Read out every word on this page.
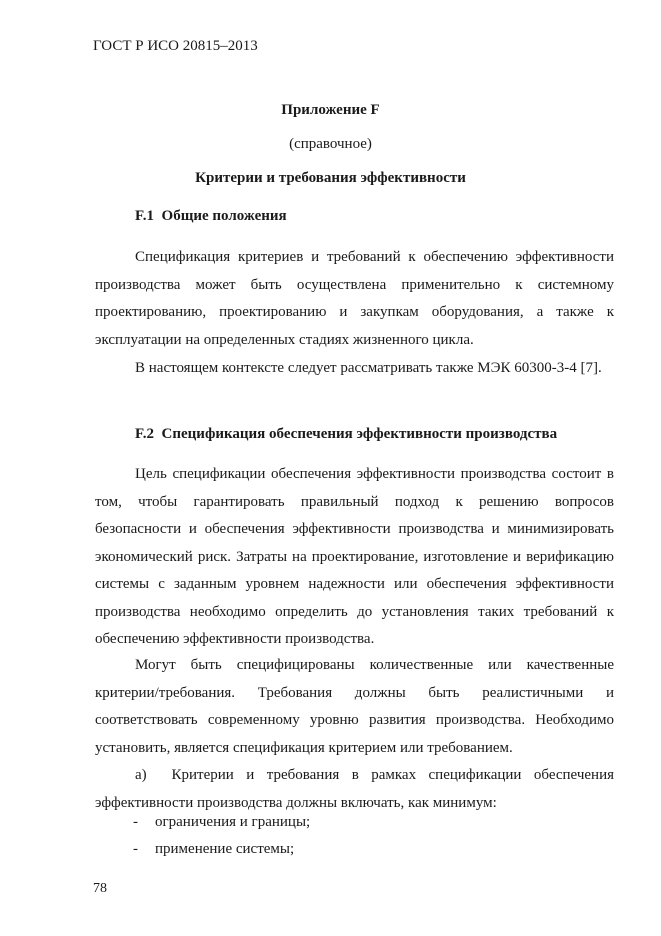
ГОСТ Р ИСО 20815–2013
Приложение F
(справочное)
Критерии и требования эффективности
F.1  Общие положения

Спецификация критериев и требований к обеспечению эффективности производства может быть осуществлена применительно к системному проектированию, проектированию и закупкам оборудования, а также к эксплуатации на определенных стадиях жизненного цикла.

В настоящем контексте следует рассматривать также МЭК 60300-3-4 [7].

F.2  Спецификация обеспечения эффективности производства

Цель спецификации обеспечения эффективности производства состоит в том, чтобы гарантировать правильный подход к решению вопросов безопасности и обеспечения эффективности производства и минимизировать экономический риск. Затраты на проектирование, изготовление и верификацию системы с заданным уровнем надежности или обеспечения эффективности производства необходимо определить до установления таких требований к обеспечению эффективности производства.

Могут быть специфицированы количественные или качественные критерии/требования. Требования должны быть реалистичными и соответствовать современному уровню развития производства. Необходимо установить, является спецификация критерием или требованием.

а)  Критерии и требования в рамках спецификации обеспечения эффективности производства должны включать, как минимум:

- ограничения и границы;
- применение системы;
78
